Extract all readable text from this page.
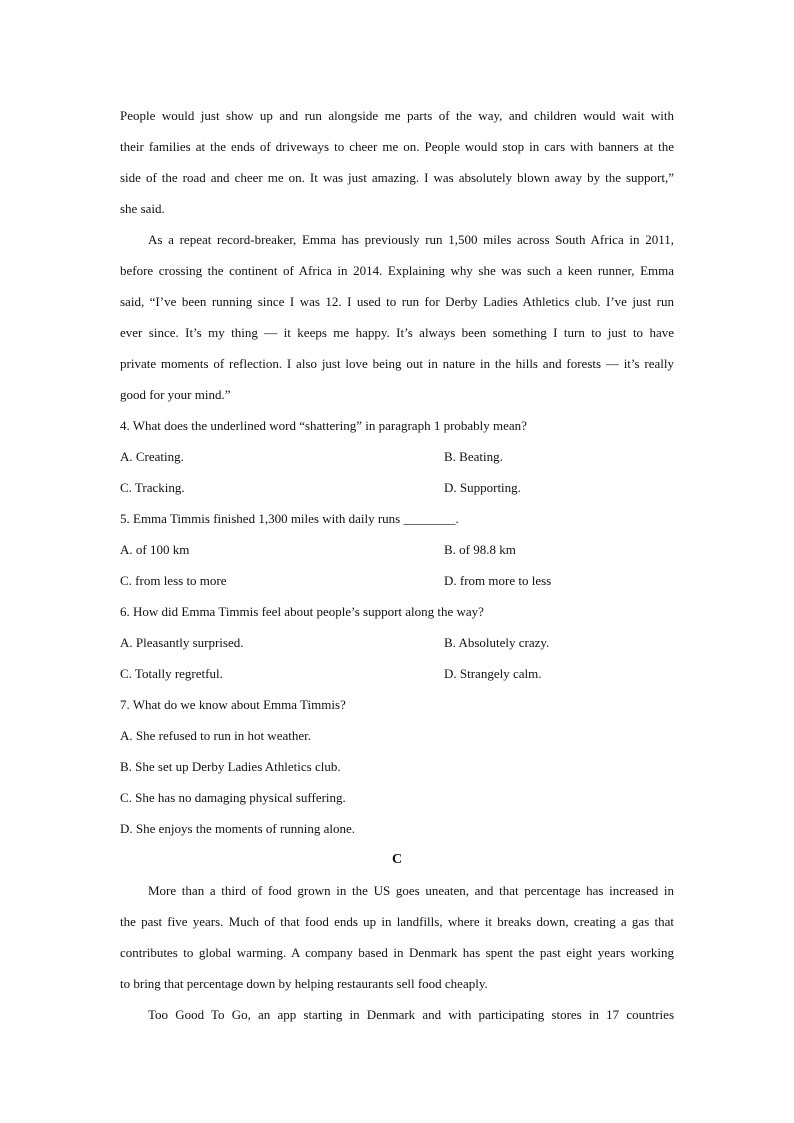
People would just show up and run alongside me parts of the way, and children would wait with
their families at the ends of driveways to cheer me on. People would stop in cars with banners at the
side of the road and cheer me on. It was just amazing. I was absolutely blown away by the support,”
she said.
As a repeat record-breaker, Emma has previously run 1,500 miles across South Africa in 2011,
before crossing the continent of Africa in 2014. Explaining why she was such a keen runner, Emma
said, “I’ve been running since I was 12. I used to run for Derby Ladies Athletics club. I’ve just run
ever since. It’s my thing — it keeps me happy. It’s always been something I turn to just to have
private moments of reflection. I also just love being out in nature in the hills and forests — it’s really
good for your mind.”
4. What does the underlined word “shattering” in paragraph 1 probably mean?
A. Creating.	B. Beating.
C. Tracking.	D. Supporting.
5. Emma Timmis finished 1,300 miles with daily runs ________.
A. of 100 km	B. of 98.8 km
C. from less to more	D. from more to less
6. How did Emma Timmis feel about people’s support along the way?
A. Pleasantly surprised.	B. Absolutely crazy.
C. Totally regretful.	D. Strangely calm.
7. What do we know about Emma Timmis?
A. She refused to run in hot weather.
B. She set up Derby Ladies Athletics club.
C. She has no damaging physical suffering.
D. She enjoys the moments of running alone.
C
More than a third of food grown in the US goes uneaten, and that percentage has increased in
the past five years. Much of that food ends up in landfills, where it breaks down, creating a gas that
contributes to global warming. A company based in Denmark has spent the past eight years working
to bring that percentage down by helping restaurants sell food cheaply.
Too Good To Go, an app starting in Denmark and with participating stores in 17 countries
